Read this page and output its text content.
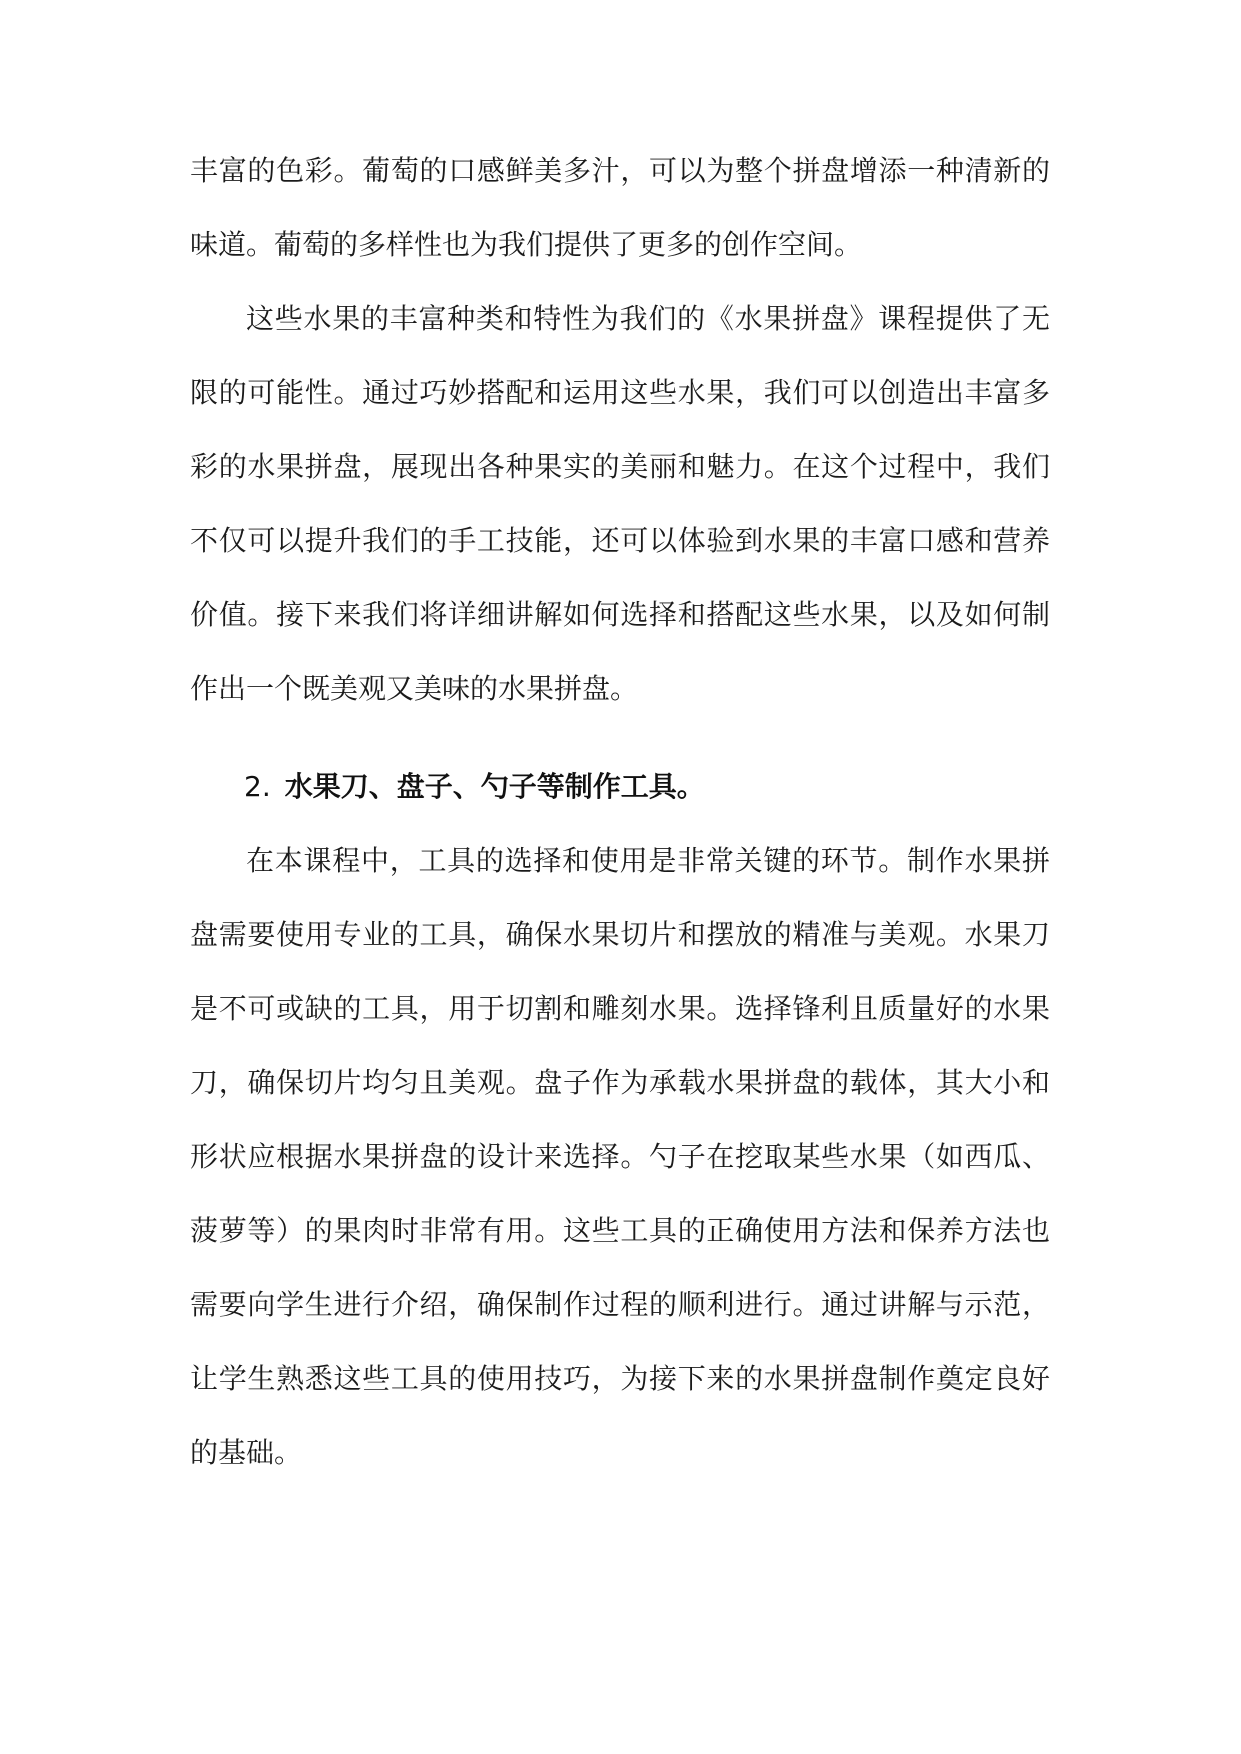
丰富的色彩。葡萄的口感鲜美多汁，可以为整个拼盘增添一种清新的味道。葡萄的多样性也为我们提供了更多的创作空间。

这些水果的丰富种类和特性为我们的《水果拼盘》课程提供了无限的可能性。通过巧妙搭配和运用这些水果，我们可以创造出丰富多彩的水果拼盘，展现出各种果实的美丽和魅力。在这个过程中，我们不仅可以提升我们的手工技能，还可以体验到水果的丰富口感和营养价值。接下来我们将详细讲解如何选择和搭配这些水果，以及如何制作出一个既美观又美味的水果拼盘。

2. 水果刀、盘子、勺子等制作工具。

在本课程中，工具的选择和使用是非常关键的环节。制作水果拼盘需要使用专业的工具，确保水果切片和摆放的精准与美观。水果刀是不可或缺的工具，用于切割和雕刻水果。选择锋利且质量好的水果刀，确保切片均匀且美观。盘子作为承载水果拼盘的载体，其大小和形状应根据水果拼盘的设计来选择。勺子在挖取某些水果（如西瓜、菠萝等）的果肉时非常有用。这些工具的正确使用方法和保养方法也需要向学生进行介绍，确保制作过程的顺利进行。通过讲解与示范，让学生熟悉这些工具的使用技巧，为接下来的水果拼盘制作奠定良好的基础。
